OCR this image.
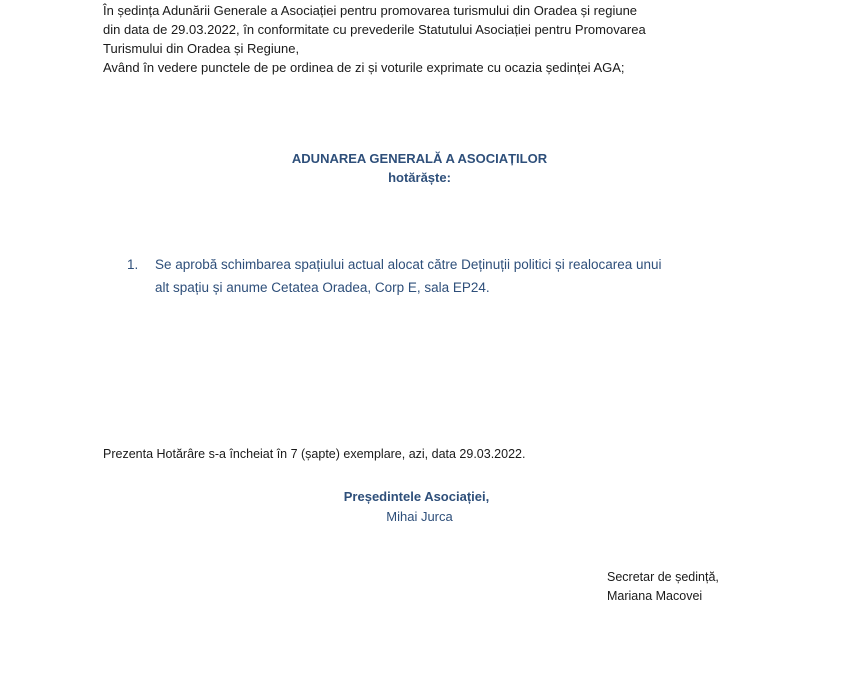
În ședința Adunării Generale a Asociației pentru promovarea turismului din Oradea și regiune

din data de 29.03.2022, în conformitate cu prevederile Statutului Asociației pentru Promovarea

Turismului din Oradea și Regiune,

Având în vedere punctele de pe ordinea de zi și voturile exprimate cu ocazia ședinței AGA;

ADUNAREA GENERALĂ A ASOCIAȚILOR
hotărăște:
1. Se aprobă schimbarea spațiului actual alocat către Deținuții politici și realocarea unui
alt spațiu și anume Cetatea Oradea, Corp E, sala EP24.
Prezenta Hotărâre s-a încheiat în 7 (șapte) exemplare, azi, data 29.03.2022.
Președintele Asociației,
Mihai Jurca
Secretar de ședință,
Mariana Macovei
